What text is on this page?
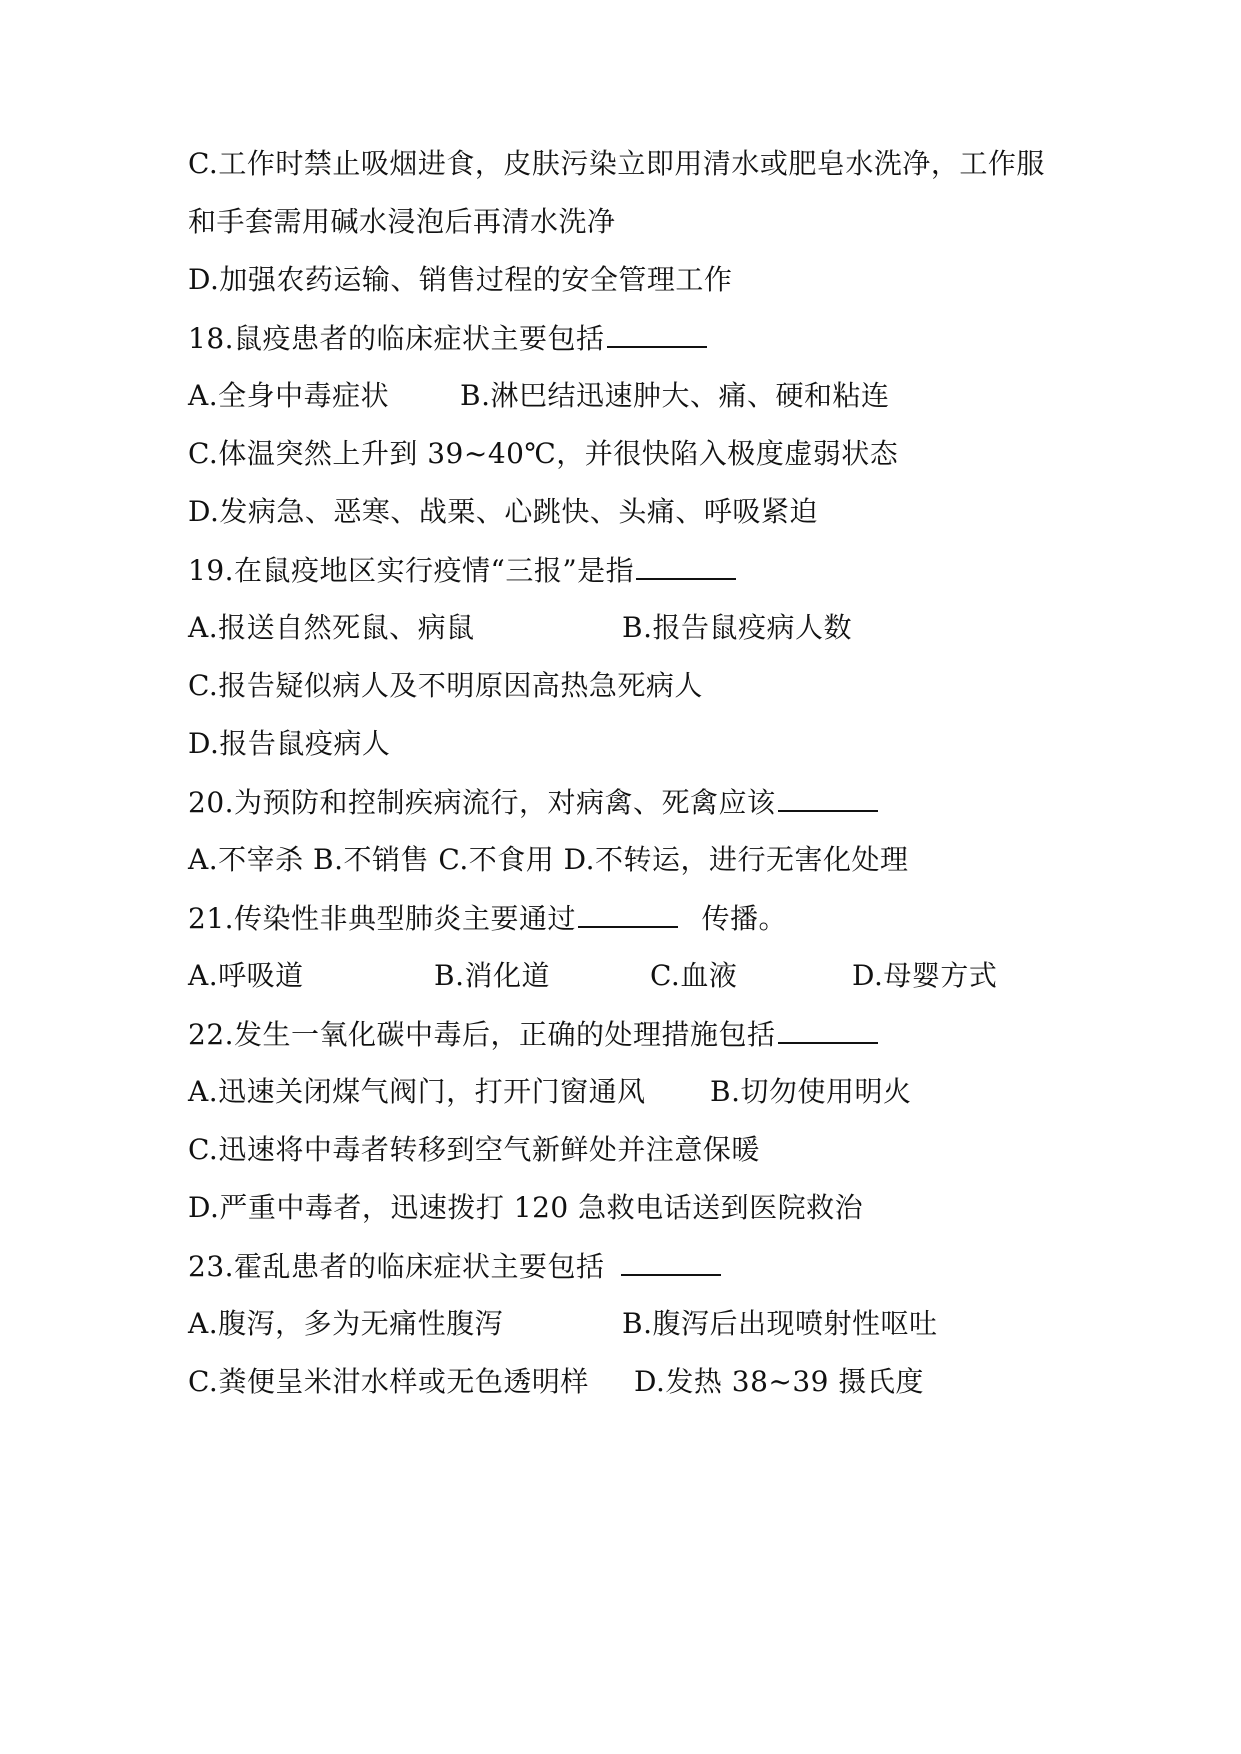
C.工作时禁止吸烟进食，皮肤污染立即用清水或肥皂水洗净，工作服
和手套需用碱水浸泡后再清水洗净
D.加强农药运输、销售过程的安全管理工作
18.鼠疫患者的临床症状主要包括
A.全身中毒症状	B.淋巴结迅速肿大、痛、硬和粘连
C.体温突然上升到 39~40℃，并很快陷入极度虚弱状态
D.发病急、恶寒、战栗、心跳快、头痛、呼吸紧迫
19.在鼠疫地区实行疫情“三报”是指
A.报送自然死鼠、病鼠	B.报告鼠疫病人数
C.报告疑似病人及不明原因高热急死病人
D.报告鼠疫病人
20.为预防和控制疾病流行，对病禽、死禽应该
A.不宰杀 B.不销售 C.不食用 D.不转运，进行无害化处理
21.传染性非典型肺炎主要通过	传播。
A.呼吸道	B.消化道	C.血液	D.母婴方式
22.发生一氧化碳中毒后，正确的处理措施包括
A.迅速关闭煤气阀门，打开门窗通风 B.切勿使用明火
C.迅速将中毒者转移到空气新鲜处并注意保暖
D.严重中毒者，迅速拨打 120 急救电话送到医院救治
23.霍乱患者的临床症状主要包括
A.腹泻，多为无痛性腹泻	B.腹泻后出现喷射性呕吐
C.粪便呈米泔水样或无色透明样 D.发热 38~39 摄氏度
